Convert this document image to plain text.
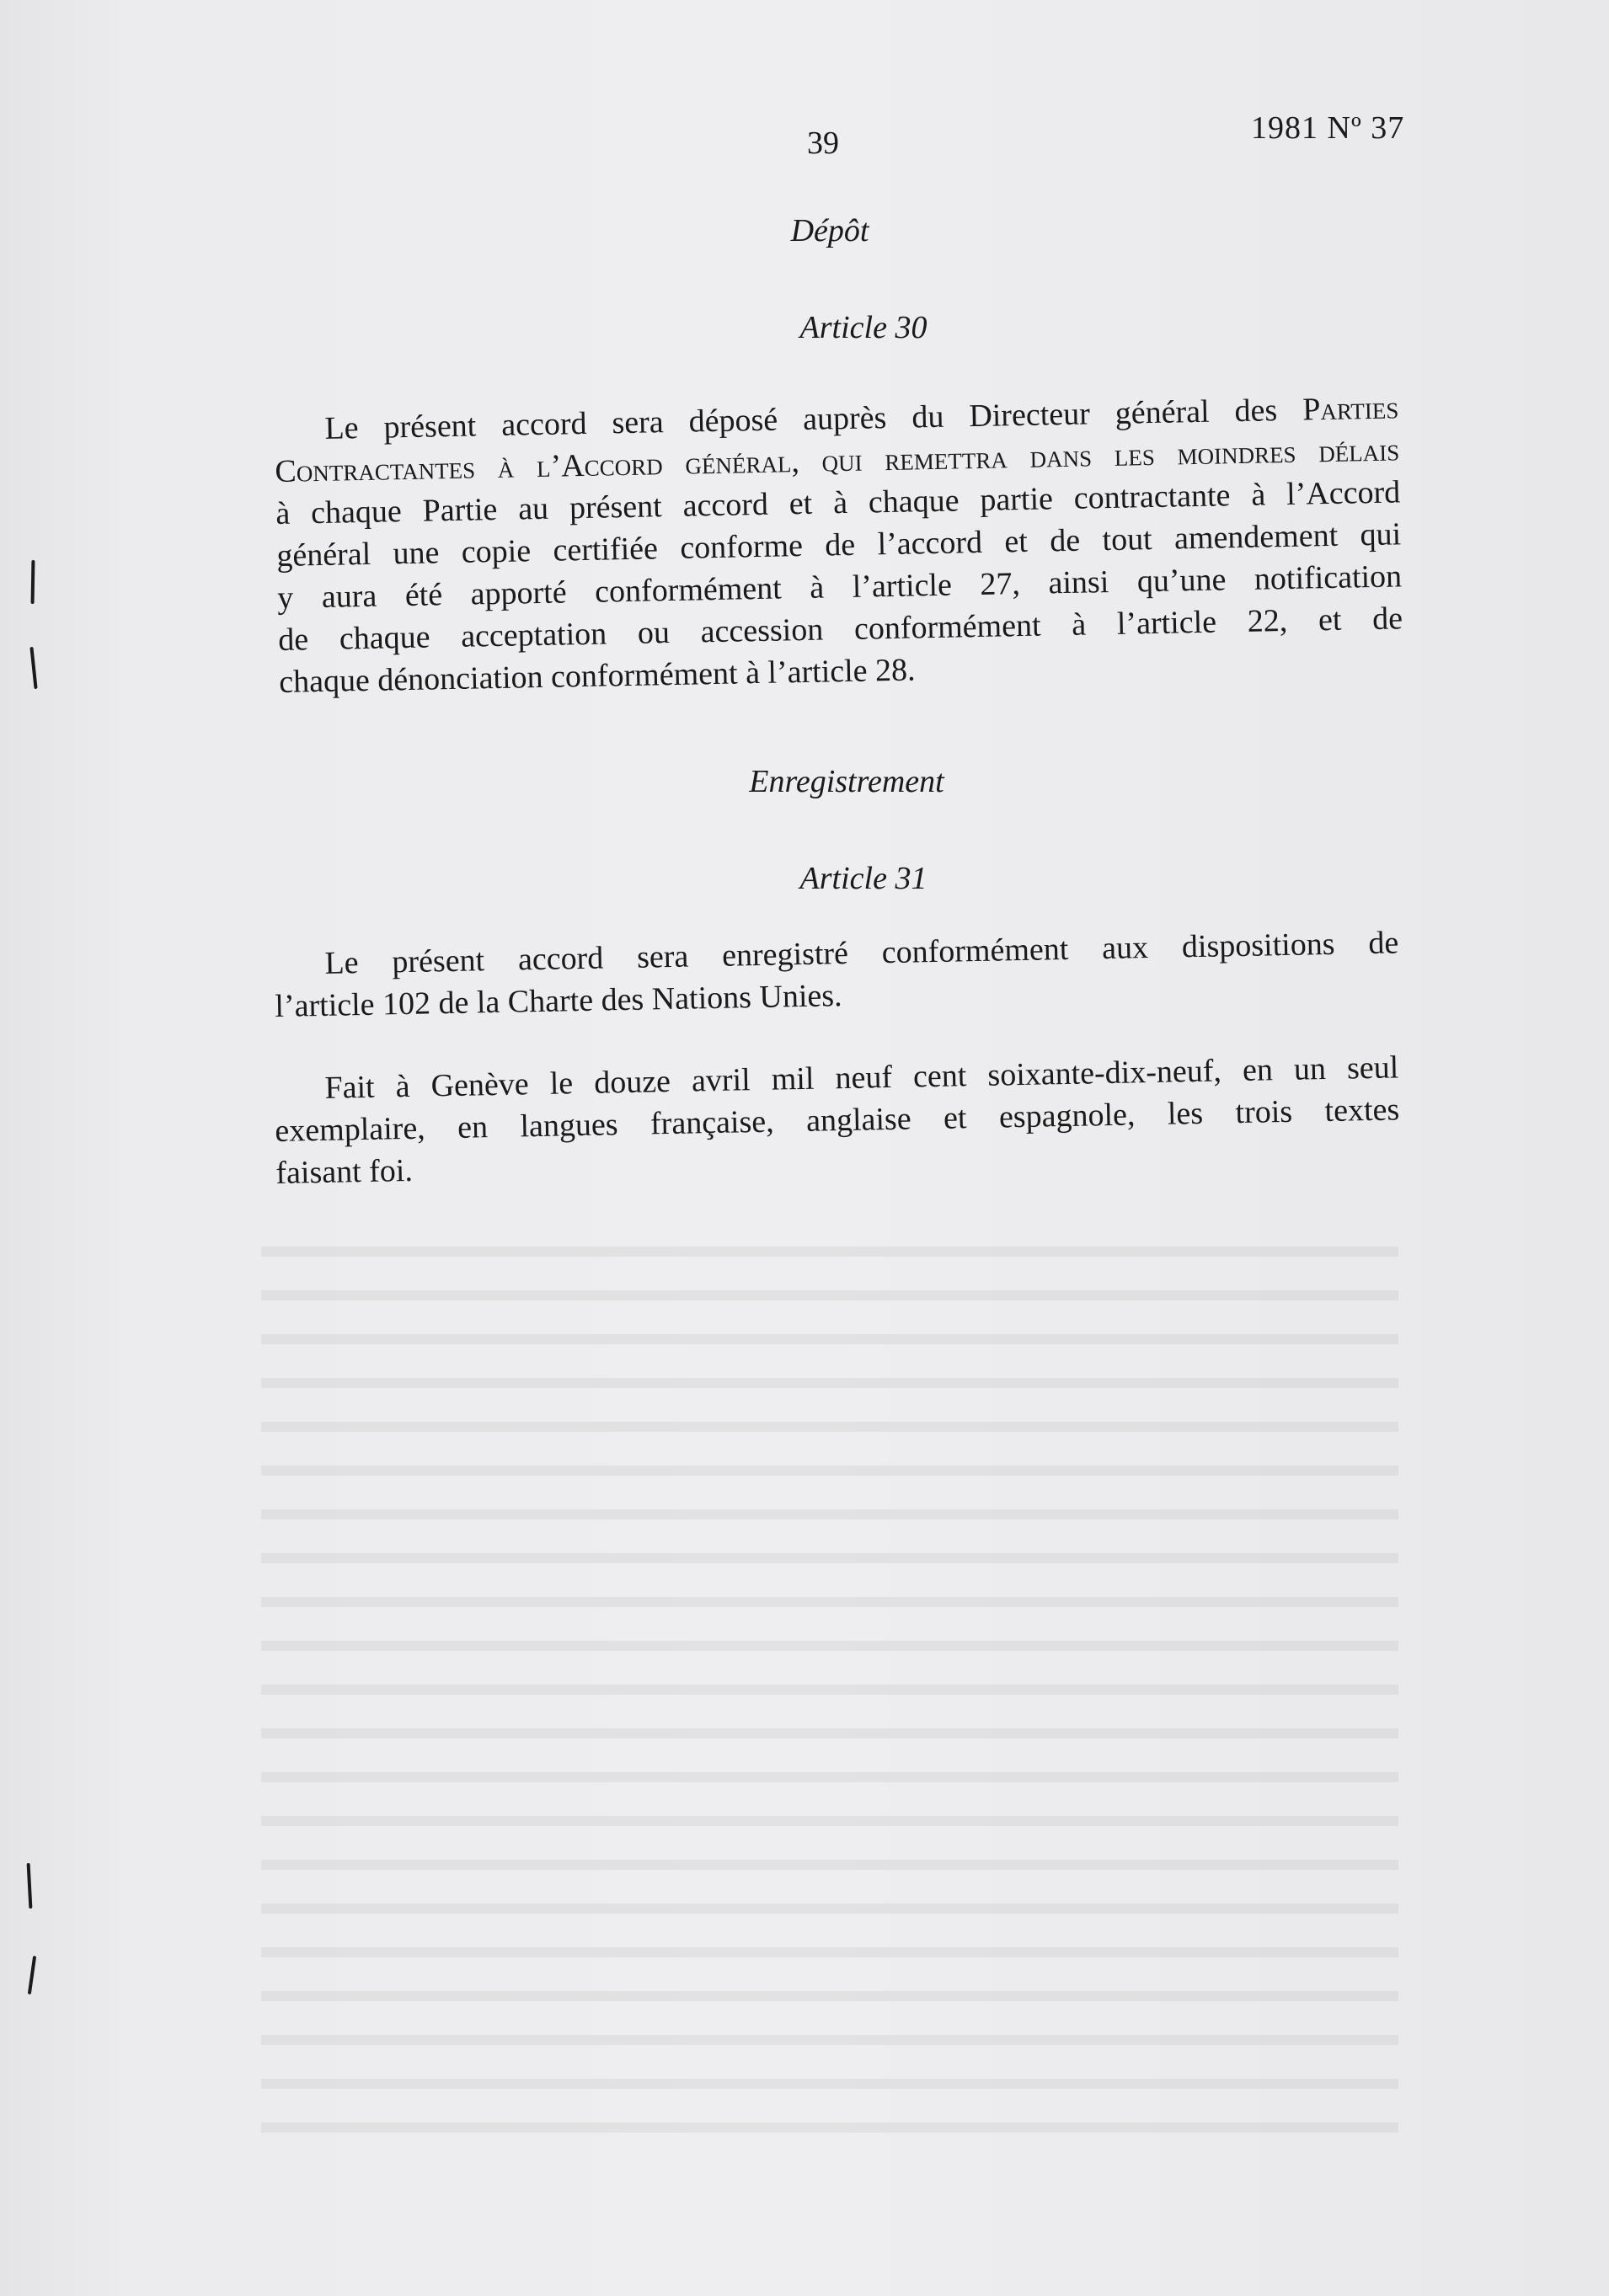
39	1981 Nº 37
Dépôt
Article 30
Le présent accord sera déposé auprès du Directeur général des Parties
Contractantes à l’Accord général, qui remettra dans les moindres délais
à chaque Partie au présent accord et à chaque partie contractante à l’Accord
général une copie certifiée conforme de l’accord et de tout amendement qui
y aura été apporté conformément à l’article 27, ainsi qu’une notification
de chaque acceptation ou accession conformément à l’article 22, et de
chaque dénonciation conformément à l’article 28.
Enregistrement
Article 31
Le présent accord sera enregistré conformément aux dispositions de
l’article 102 de la Charte des Nations Unies.
Fait à Genève le douze avril mil neuf cent soixante-dix-neuf, en un seul
exemplaire, en langues française, anglaise et espagnole, les trois textes
faisant foi.
